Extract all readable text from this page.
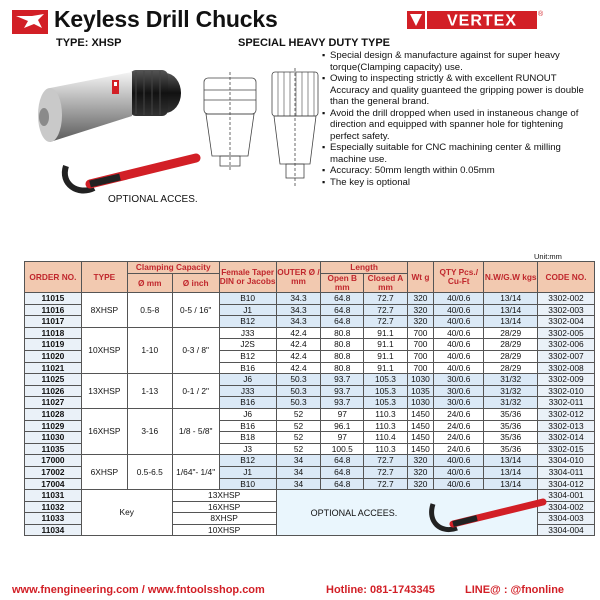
Keyless Drill Chucks
TYPE: XHSP	SPECIAL HEAVY DUTY TYPE
VERTEX	®
OPTIONAL ACCES.
▪ Special design & manufacture against for super heavy torque(Clamping capacity) use.
▪ Owing to inspecting strictly & with excellent RUNOUT Accuracy and quality guanteed the gripping power is double than the general brand.
▪ Avoid the drill dropped when used in instaneous change of direction and equipped with spanner hole for tightening perfect safety.
▪ Especially suitable for CNC machining center & milling machine use.
▪ Accuracy: 50mm length within 0.05mm
▪ The key is optional
Unit:mm
ORDER NO.	TYPE	Clamping Capacity		Female Taper DIN or Jacobs	OUTER Ø / mm	Length		Wt g	QTY Pcs./ Cu-Ft	N.W/G.W kgs	CODE NO.
		Ø mm	Ø inch			Open B mm	Closed A mm				
11015	8XHSP	0.5-8	0-5 / 16"	B10	34.3	64.8	72.7	320	40/0.6	13/14	3302-002
11016				J1	34.3	64.8	72.7	320	40/0.6	13/14	3302-003
11017				B12	34.3	64.8	72.7	320	40/0.6	13/14	3302-004
11018	10XHSP	1-10	0-3 / 8"	J33	42.4	80.8	91.1	700	40/0.6	28/29	3302-005
11019				J2S	42.4	80.8	91.1	700	40/0.6	28/29	3302-006
11020				B12	42.4	80.8	91.1	700	40/0.6	28/29	3302-007
11021				B16	42.4	80.8	91.1	700	40/0.6	28/29	3302-008
11025	13XHSP	1-13	0-1 / 2"	J6	50.3	93.7	105.3	1030	30/0.6	31/32	3302-009
11026				J33	50.3	93.7	105.3	1035	30/0.6	31/32	3302-010
11027				B16	50.3	93.7	105.3	1030	30/0.6	31/32	3302-011
11028	16XHSP	3-16	1/8 - 5/8"	J6	52	97	110.3	1450	24/0.6	35/36	3302-012
11029				B16	52	96.1	110.3	1450	24/0.6	35/36	3302-013
11030				B18	52	97	110.4	1450	24/0.6	35/36	3302-014
11035				J3	52	100.5	110.3	1450	24/0.6	35/36	3302-015
17000	6XHSP	0.5-6.5	1/64"- 1/4"	B12	34	64.8	72.7	320	40/0.6	13/14	3304-010
17002				J1	34	64.8	72.7	320	40/0.6	13/14	3304-011
17004				B10	34	64.8	72.7	320	40/0.6	13/14	3304-012
11031	Key		13XHSP		OPTIONAL ACCEES.						3304-001
11032			16XHSP								3304-002
11033			8XHSP								3304-003
11034			10XHSP								3304-004
www.fnengineering.com / www.fntoolsshop.com	Hotline: 081-1743345	LINE@ : @fnonline
